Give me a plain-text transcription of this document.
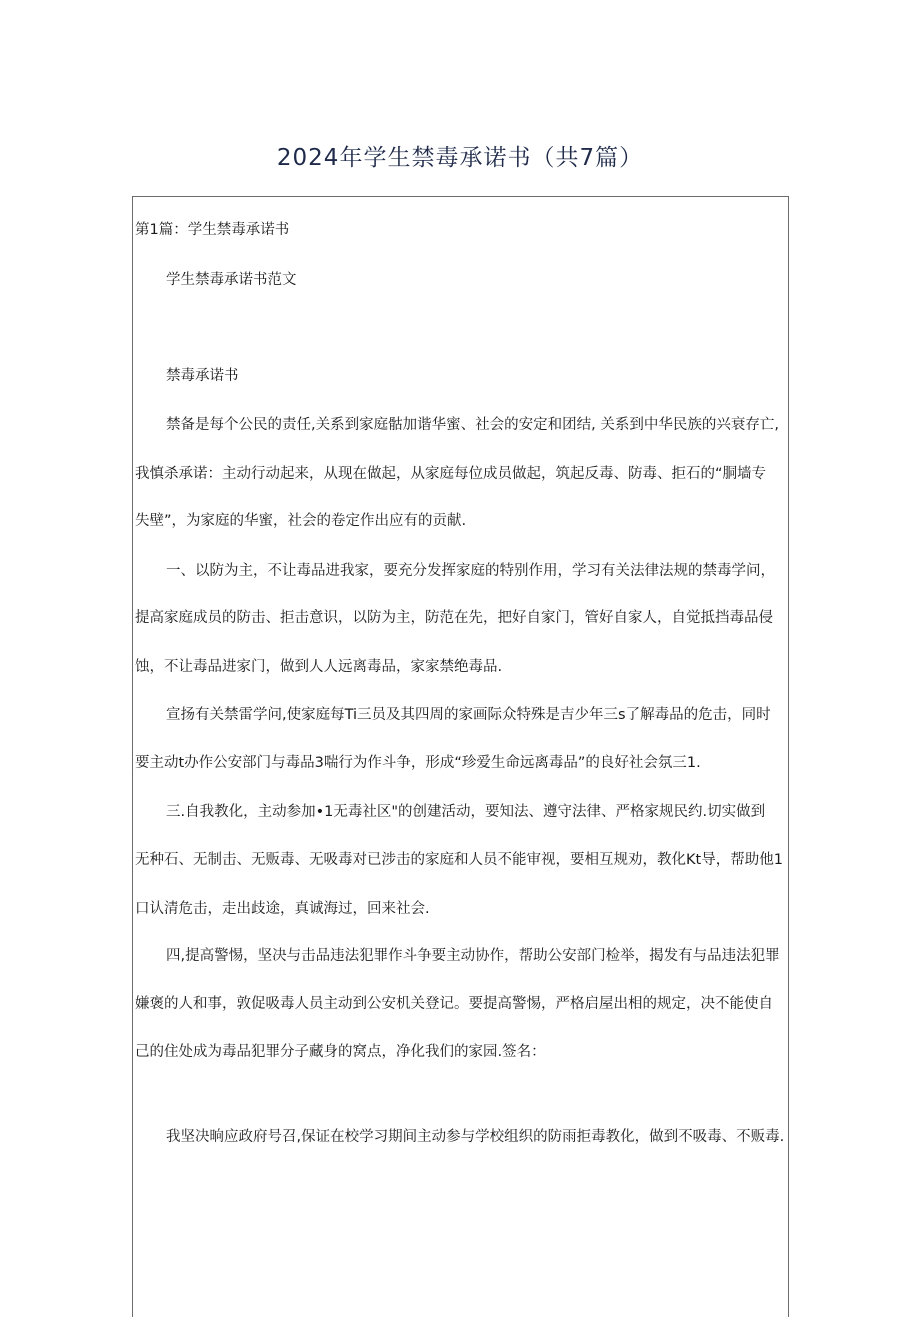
2024年学生禁毒承诺书（共7篇）
第1篇：学生禁毒承诺书
学生禁毒承诺书范文
禁毒承诺书
禁备是每个公民的责任,关系到家庭骷加谐华蜜、社会的安定和团结, 关系到中华民族的兴衰存亡,
我慎杀承诺：主动行动起来，从现在做起，从家庭每位成员做起，筑起反毒、防毒、拒石的“胴墙专
失壁”，为家庭的华蜜，社会的卷定作出应有的贡献.
一、以防为主，不让毒品进我家，要充分发挥家庭的特别作用，学习有关法律法规的禁毒学问，
提高家庭成员的防击、拒击意识，以防为主，防范在先，把好自家门，管好自家人，自觉抵挡毒品侵
蚀，不让毒品进家门，做到人人远离毒品，家家禁绝毒品.
宣扬有关禁雷学问,使家庭每Ti三员及其四周的家画际众特殊是吉少年三s了解毒品的危击，同时
要主动t办作公安部门与毒品3喘行为作斗争，形成“珍爱生命远离毒品”的良好社会氛三1.
三.自我教化，主动参加•1无毒社区"的创建活动，要知法、遵守法律、严格家规民约.切实做到
无种石、无制击、无贩毒、无吸毒对已涉击的家庭和人员不能审视，要相互规劝，教化Kt导，帮助他1
口认清危击，走出歧途，真诚海过，回来社会.
四,提高警惕，坚决与击品违法犯罪作斗争要主动协作，帮助公安部门检举，揭发有与品违法犯罪
嫌褒的人和事，敦促吸毒人员主动到公安机关登记。要提高警惕，严格启屋出相的规定，决不能使自
己的住处成为毒品犯罪分子藏身的窝点，净化我们的家园.签名：
我坚决晌应政府号召,保证在校学习期间主动参与学校组织的防雨拒毒教化，做到不吸毒、不贩毒.
